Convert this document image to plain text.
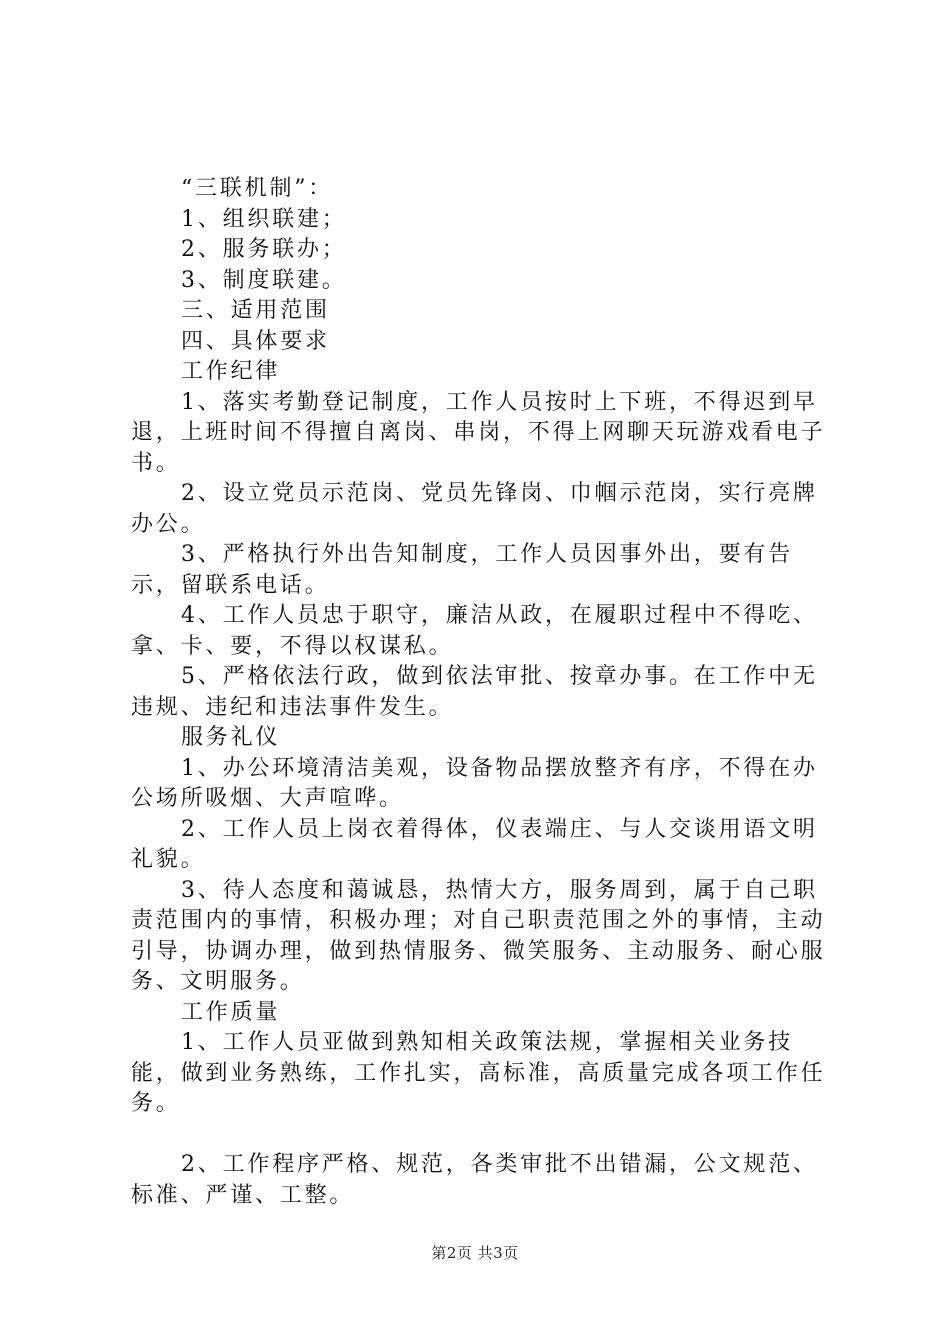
“三联机制”：

1、组织联建；

2、服务联办；

3、制度联建。

三、适用范围

四、具体要求

工作纪律

1、落实考勤登记制度，工作人员按时上下班，不得迟到早退，上班时间不得擅自离岗、串岗，不得上网聊天玩游戏看电子书。

2、设立党员示范岗、党员先锋岗、巾帼示范岗，实行亮牌办公。

3、严格执行外出告知制度，工作人员因事外出，要有告示，留联系电话。

4、工作人员忠于职守，廉洁从政，在履职过程中不得吃、拿、卡、要，不得以权谋私。

5、严格依法行政，做到依法审批、按章办事。在工作中无违规、违纪和违法事件发生。

服务礼仪

1、办公环境清洁美观，设备物品摆放整齐有序，不得在办公场所吸烟、大声喧哗。

2、工作人员上岗衣着得体，仪表端庄、与人交谈用语文明礼貌。

3、待人态度和蔼诚恳，热情大方，服务周到，属于自己职责范围内的事情，积极办理；对自己职责范围之外的事情，主动引导，协调办理，做到热情服务、微笑服务、主动服务、耐心服务、文明服务。

工作质量

1、工作人员亚做到熟知相关政策法规，掌握相关业务技能，做到业务熟练，工作扎实，高标准，高质量完成各项工作任务。

2、工作程序严格、规范，各类审批不出错漏，公文规范、标准、严谨、工整。

第2页 共3页
